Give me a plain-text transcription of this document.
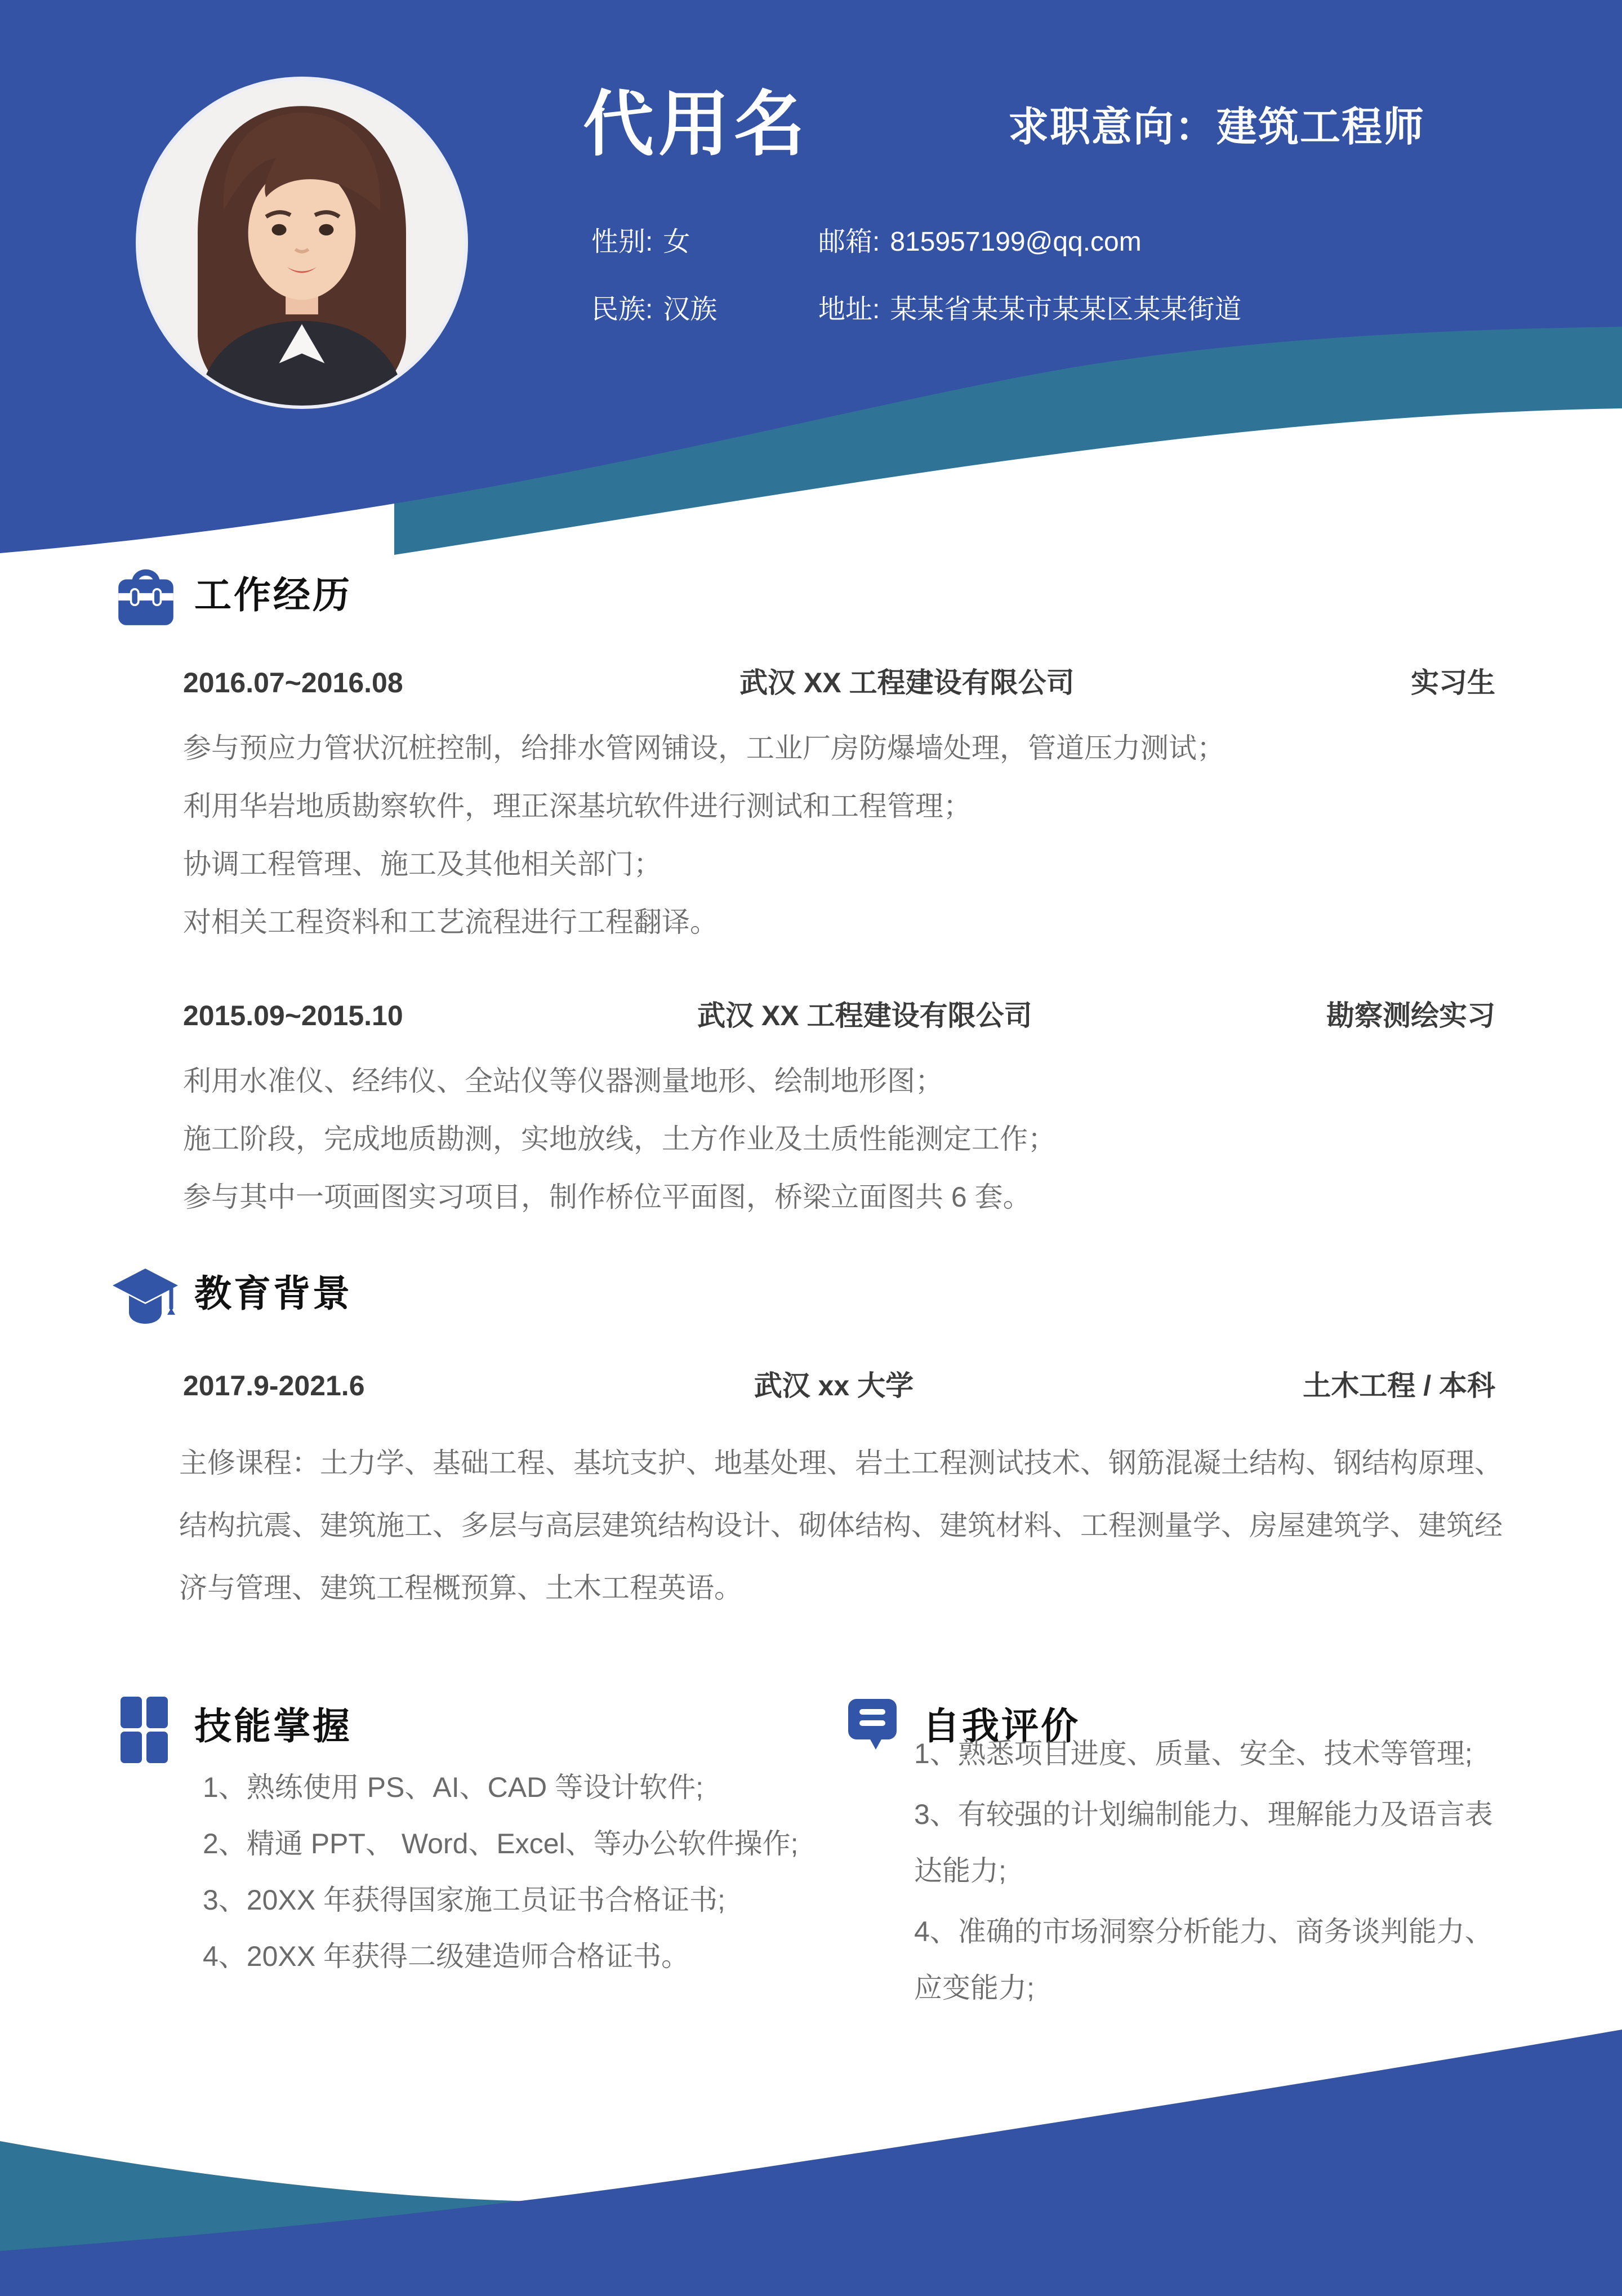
代用名	求职意向：建筑工程师
性别: 女	邮箱: 815957199@qq.com
民族: 汉族	地址: 某某省某某市某某区某某街道
工作经历
2016.07~2016.08	武汉 XX 工程建设有限公司	实习生
参与预应力管状沉桩控制，给排水管网铺设，工业厂房防爆墙处理，管道压力测试；
利用华岩地质勘察软件，理正深基坑软件进行测试和工程管理；
协调工程管理、施工及其他相关部门；
对相关工程资料和工艺流程进行工程翻译。
2015.09~2015.10	武汉 XX 工程建设有限公司	勘察测绘实习
利用水准仪、经纬仪、全站仪等仪器测量地形、绘制地形图；
施工阶段，完成地质勘测，实地放线，土方作业及土质性能测定工作；
参与其中一项画图实习项目，制作桥位平面图，桥梁立面图共 6 套。
教育背景
2017.9-2021.6	武汉 xx 大学	土木工程 / 本科
主修课程：土力学、基础工程、基坑支护、地基处理、岩土工程测试技术、钢筋混凝土结构、钢结构原理、结构抗震、建筑施工、多层与高层建筑结构设计、砌体结构、建筑材料、工程测量学、房屋建筑学、建筑经济与管理、建筑工程概预算、土木工程英语。
技能掌握
1、熟练使用 PS、AI、CAD 等设计软件;
2、精通 PPT、 Word、Excel、等办公软件操作;
3、20XX 年获得国家施工员证书合格证书;
4、20XX 年获得二级建造师合格证书。
自我评价

1、熟悉项目进度、质量、安全、技术等管理;

3、有较强的计划编制能力、理解能力及语言表达能力;

4、准确的市场洞察分析能力、商务谈判能力、应变能力;
